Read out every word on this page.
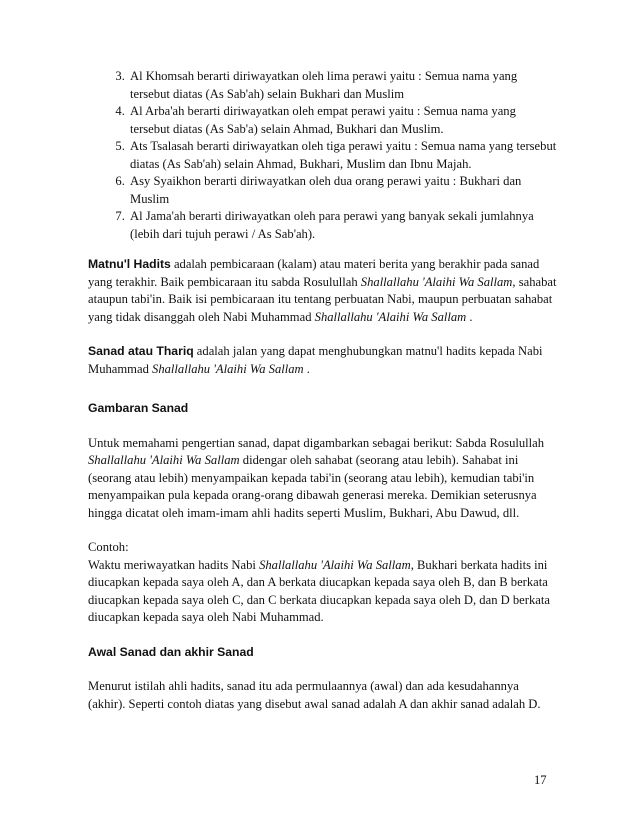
3. Al Khomsah berarti diriwayatkan oleh lima perawi yaitu : Semua nama yang tersebut diatas (As Sab'ah) selain Bukhari dan Muslim
4. Al Arba'ah berarti diriwayatkan oleh empat perawi yaitu : Semua nama yang tersebut diatas (As Sab'a) selain Ahmad, Bukhari dan Muslim.
5. Ats Tsalasah berarti diriwayatkan oleh tiga perawi yaitu : Semua nama yang tersebut diatas (As Sab'ah) selain Ahmad, Bukhari, Muslim dan Ibnu Majah.
6. Asy Syaikhon berarti diriwayatkan oleh dua orang perawi yaitu : Bukhari dan Muslim
7. Al Jama'ah berarti diriwayatkan oleh para perawi yang banyak sekali jumlahnya (lebih dari tujuh perawi / As Sab'ah).

Matnu'l Hadits adalah pembicaraan (kalam) atau materi berita yang berakhir pada sanad yang terakhir. Baik pembicaraan itu sabda Rosulullah Shallallahu 'Alaihi Wa Sallam, sahabat ataupun tabi'in. Baik isi pembicaraan itu tentang perbuatan Nabi, maupun perbuatan sahabat yang tidak disanggah oleh Nabi Muhammad Shallallahu 'Alaihi Wa Sallam .

Sanad atau Thariq adalah jalan yang dapat menghubungkan matnu'l hadits kepada Nabi Muhammad Shallallahu 'Alaihi Wa Sallam .

Gambaran Sanad

Untuk memahami pengertian sanad, dapat digambarkan sebagai berikut: Sabda Rosulullah Shallallahu 'Alaihi Wa Sallam didengar oleh sahabat (seorang atau lebih). Sahabat ini (seorang atau lebih) menyampaikan kepada tabi'in (seorang atau lebih), kemudian tabi'in menyampaikan pula kepada orang-orang dibawah generasi mereka. Demikian seterusnya hingga dicatat oleh imam-imam ahli hadits seperti Muslim, Bukhari, Abu Dawud, dll.

Contoh:
Waktu meriwayatkan hadits Nabi Shallallahu 'Alaihi Wa Sallam, Bukhari berkata hadits ini diucapkan kepada saya oleh A, dan A berkata diucapkan kepada saya oleh B, dan B berkata diucapkan kepada saya oleh C, dan C berkata diucapkan kepada saya oleh D, dan D berkata diucapkan kepada saya oleh Nabi Muhammad.

Awal Sanad dan akhir Sanad

Menurut istilah ahli hadits, sanad itu ada permulaannya (awal) dan ada kesudahannya (akhir). Seperti contoh diatas yang disebut awal sanad adalah A dan akhir sanad adalah D.

17
